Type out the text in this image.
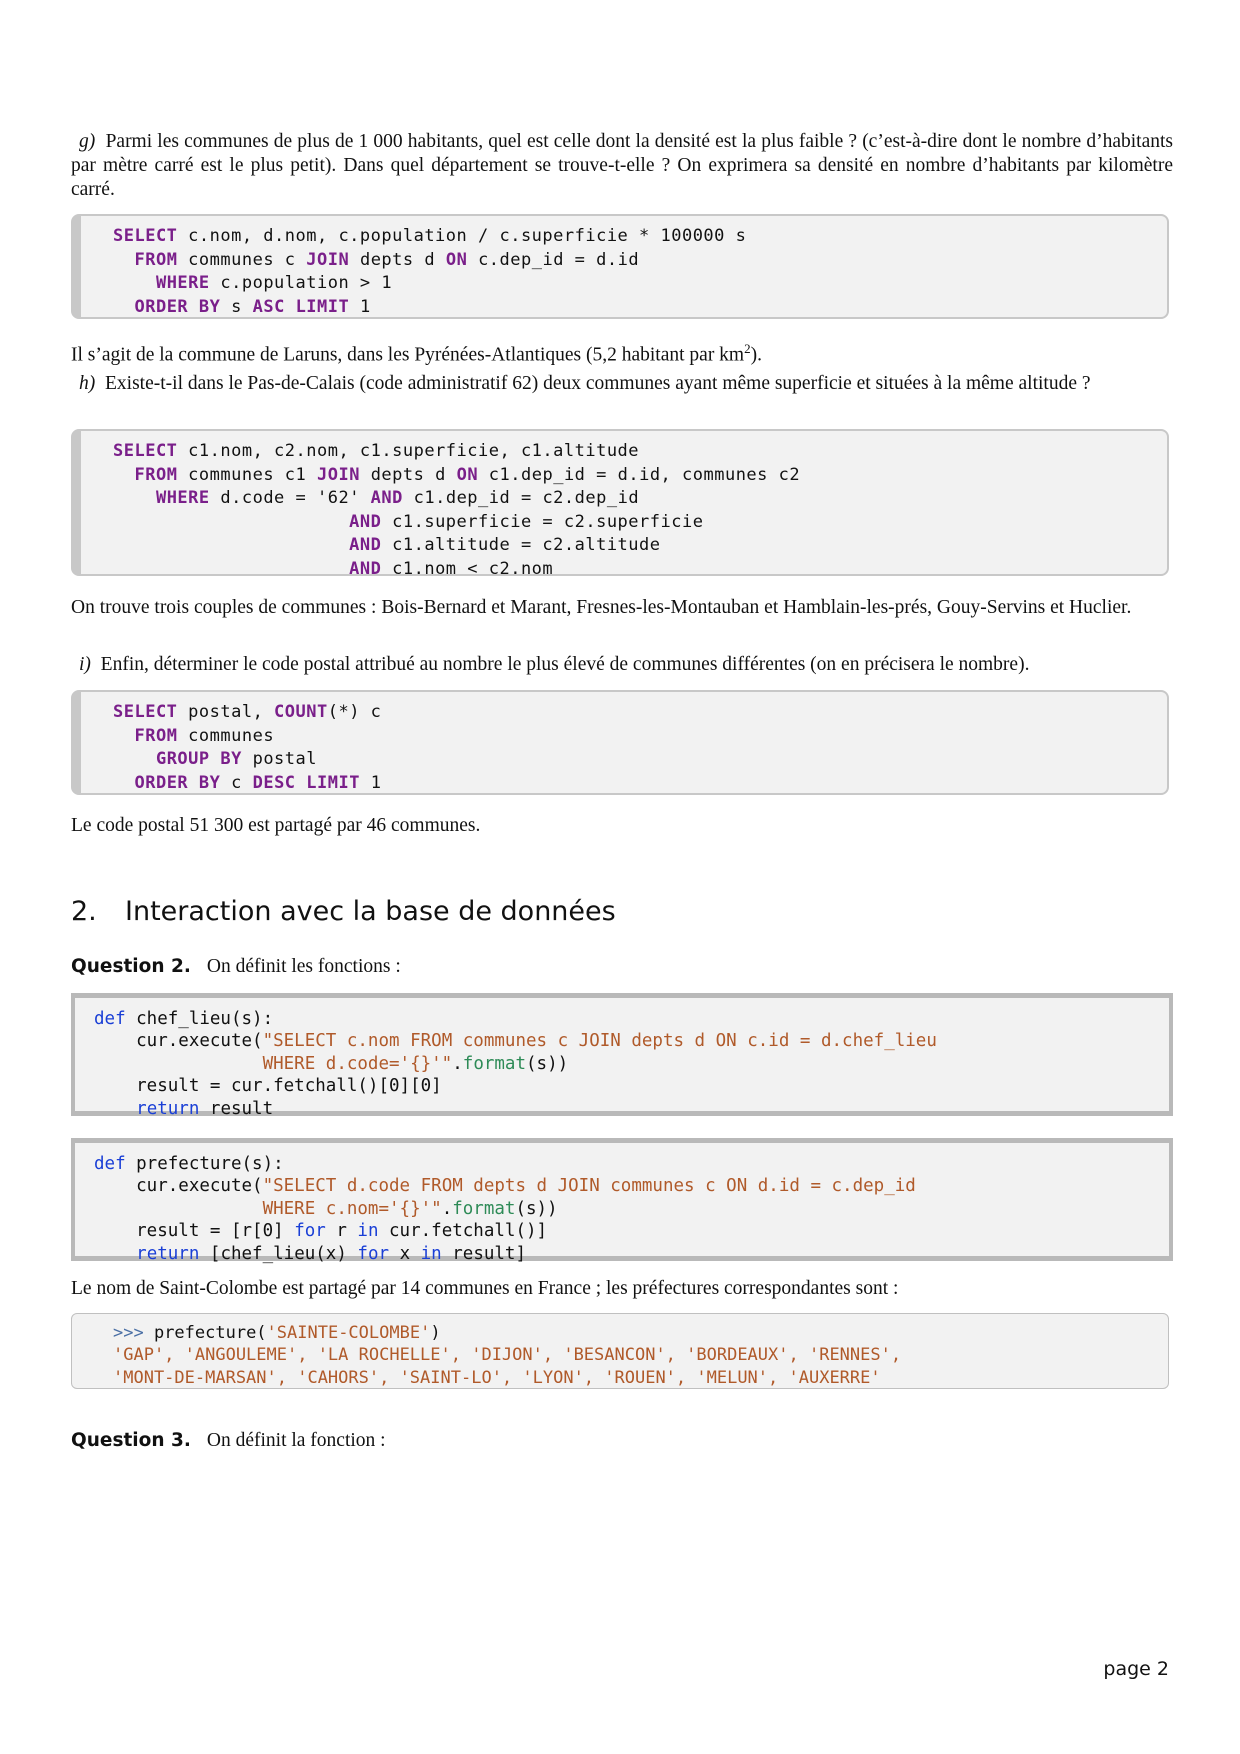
g) Parmi les communes de plus de 1 000 habitants, quel est celle dont la densité est la plus faible ? (c’est-à-dire dont le nombre d’habitants par mètre carré est le plus petit). Dans quel département se trouve-t-elle ? On exprimera sa densité en nombre d’habitants par kilomètre carré.

SELECT c.nom, d.nom, c.population / c.superficie * 100000 s
FROM communes c JOIN depts d ON c.dep_id = d.id
WHERE c.population > 1
ORDER BY s ASC LIMIT 1

Il s’agit de la commune de Laruns, dans les Pyrénées-Atlantiques (5,2 habitant par $km^2$).

h) Existe-t-il dans le Pas-de-Calais (code administratif 62) deux communes ayant même superficie et situées à la même altitude ?

SELECT c1.nom, c2.nom, c1.superficie, c1.altitude
FROM communes c1 JOIN depts d ON c1.dep_id = d.id, communes c2
WHERE d.code = '62' AND c1.dep_id = c2.dep_id
AND c1.superficie = c2.superficie
AND c1.altitude = c2.altitude
AND c1.nom < c2.nom

On trouve trois couples de communes : Bois-Bernard et Marant, Fresnes-les-Montauban et Hamblain-les-prés, Gouy-Servins et Huclier.

i) Enfin, déterminer le code postal attribué au nombre le plus élevé de communes différentes (on en précisera le nombre).

SELECT postal, COUNT(*) c
FROM communes
GROUP BY postal
ORDER BY c DESC LIMIT 1

Le code postal 51 300 est partagé par 46 communes.

2. Interaction avec la base de données
Question 2. On définit les fonctions :
def chef_lieu(s):
cur.execute("SELECT c.nom FROM communes c JOIN depts d ON c.id = d.chef_lieu
WHERE d.code='{}'".format(s))
result = cur.fetchall()[0][0]
return result
def prefecture(s):
cur.execute("SELECT d.code FROM depts d JOIN communes c ON d.id = c.dep_id
WHERE c.nom='{}'".format(s))
result = [r[0] for r in cur.fetchall()]
return [chef_lieu(x) for x in result]

Le nom de Saint-Colombe est partagé par 14 communes en France ; les préfectures correspondantes sont :

>>> prefecture('SAINTE-COLOMBE')
'GAP', 'ANGOULEME', 'LA ROCHELLE', 'DIJON', 'BESANCON', 'BORDEAUX', 'RENNES',
'MONT-DE-MARSAN', 'CAHORS', 'SAINT-LO', 'LYON', 'ROUEN', 'MELUN', 'AUXERRE'
Question 3. On définit la fonction :
page 2
